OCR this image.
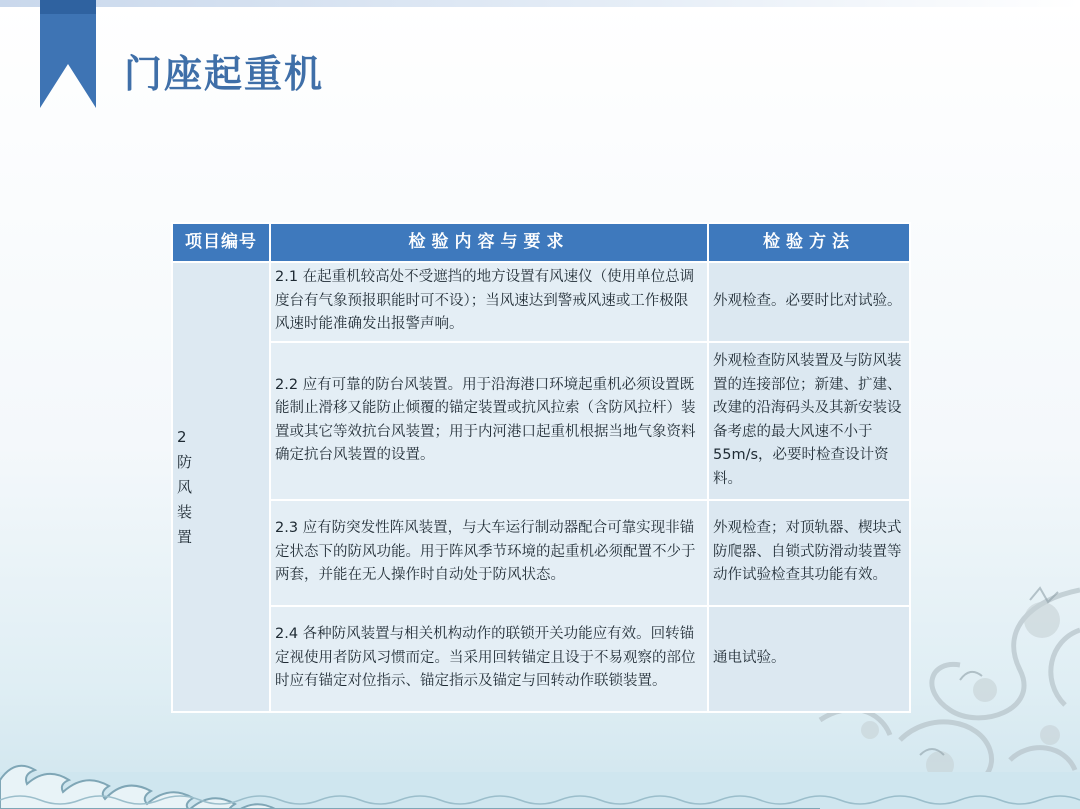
门座起重机
项目编号	检验内容与要求	检验方法

2
防
风
装
置	2.1 在起重机较高处不受遮挡的地方设置有风速仪（使用单位总调度台有气象预报职能时可不设）；当风速达到警戒风速或工作极限风速时能准确发出报警声响。	外观检查。必要时比对试验。
	2.2 应有可靠的防台风装置。用于沿海港口环境起重机必须设置既能制止滑移又能防止倾覆的锚定装置或抗风拉索（含防风拉杆）装置或其它等效抗台风装置；用于内河港口起重机根据当地气象资料确定抗台风装置的设置。	外观检查防风装置及与防风装置的连接部位；新建、扩建、改建的沿海码头及其新安装设备考虑的最大风速不小于55m/s，必要时检查设计资料。
	2.3 应有防突发性阵风装置，与大车运行制动器配合可靠实现非锚定状态下的防风功能。用于阵风季节环境的起重机必须配置不少于两套，并能在无人操作时自动处于防风状态。	外观检查；对顶轨器、楔块式防爬器、自锁式防滑动装置等动作试验检查其功能有效。
	2.4 各种防风装置与相关机构动作的联锁开关功能应有效。回转锚定视使用者防风习惯而定。当采用回转锚定且设于不易观察的部位时应有锚定对位指示、锚定指示及锚定与回转动作联锁装置。	通电试验。
